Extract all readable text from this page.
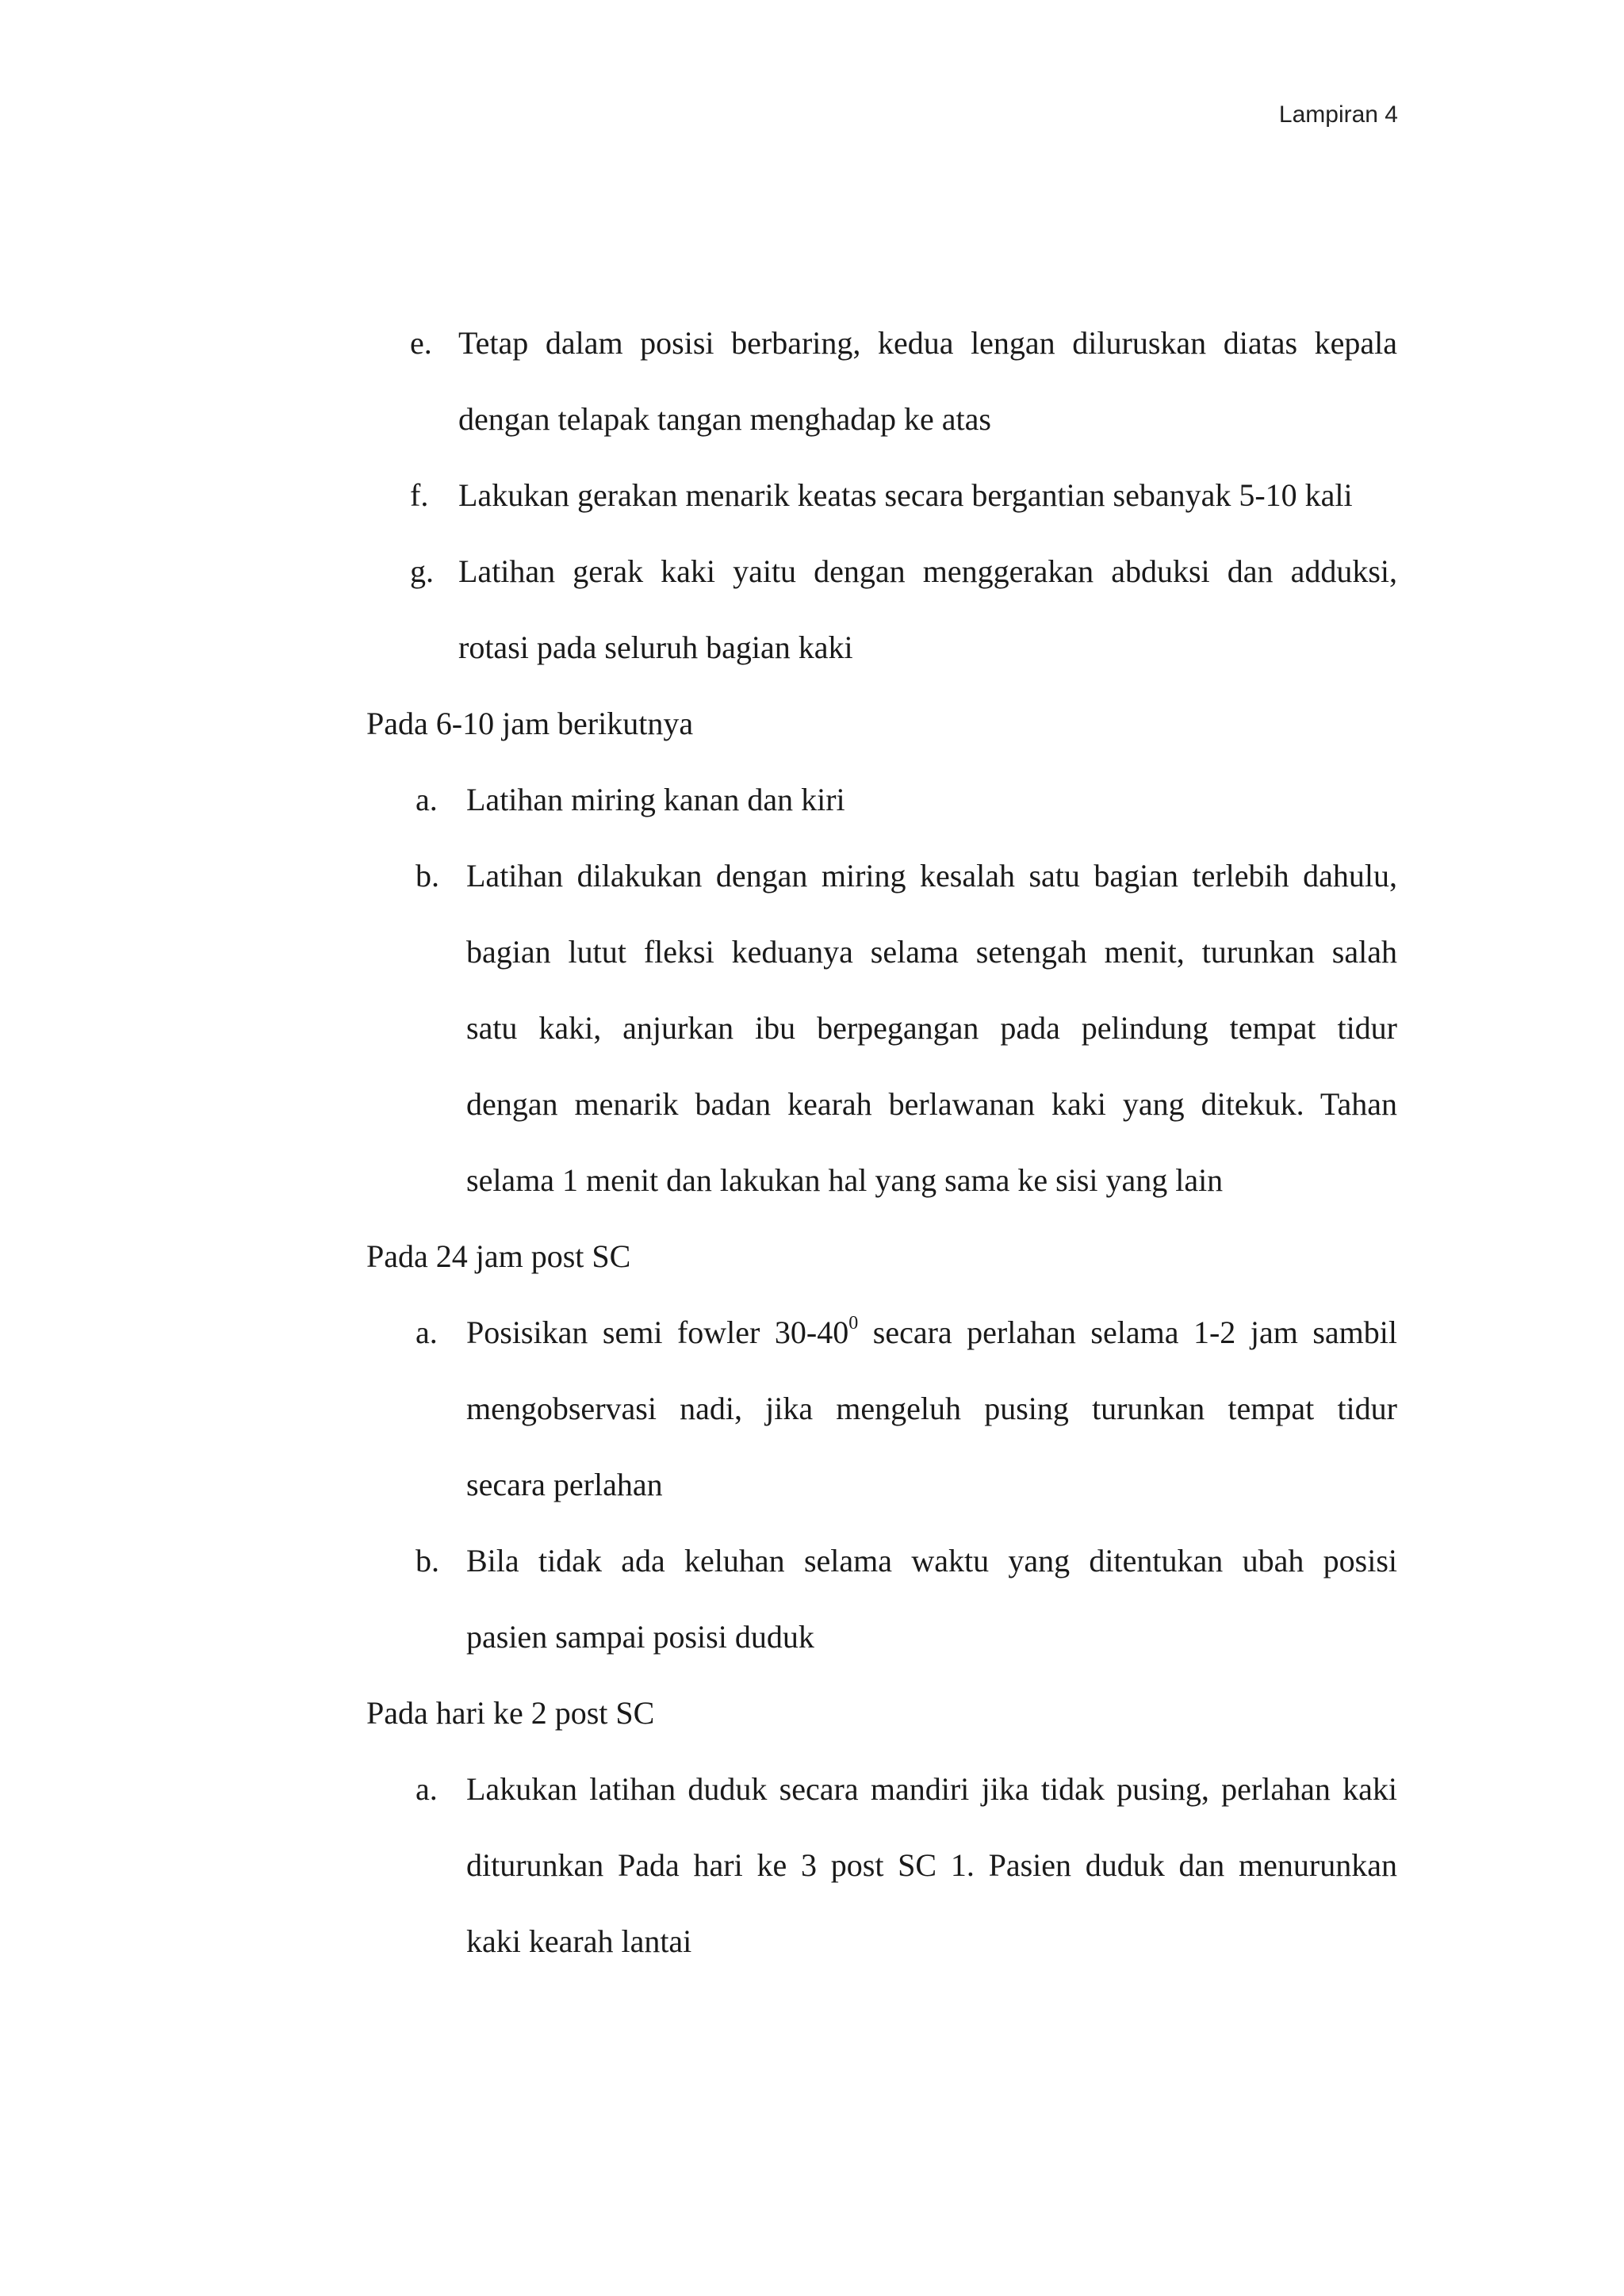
Lampiran 4
e. Tetap dalam posisi berbaring, kedua lengan diluruskan diatas kepala
dengan telapak tangan menghadap ke atas
f. Lakukan gerakan menarik keatas secara bergantian sebanyak 5-10 kali
g. Latihan gerak kaki yaitu dengan menggerakan abduksi dan adduksi,
rotasi pada seluruh bagian kaki
Pada 6-10 jam berikutnya
a. Latihan miring kanan dan kiri
b. Latihan dilakukan dengan miring kesalah satu bagian terlebih dahulu,
bagian lutut fleksi keduanya selama setengah menit, turunkan salah
satu kaki, anjurkan ibu berpegangan pada pelindung tempat tidur
dengan menarik badan kearah berlawanan kaki yang ditekuk. Tahan
selama 1 menit dan lakukan hal yang sama ke sisi yang lain
Pada 24 jam post SC
a. Posisikan semi fowler $30-40^0$ secara perlahan selama 1-2 jam sambil
mengobservasi nadi, jika mengeluh pusing turunkan tempat tidur
secara perlahan
b. Bila tidak ada keluhan selama waktu yang ditentukan ubah posisi
pasien sampai posisi duduk
Pada hari ke 2 post SC
a. Lakukan latihan duduk secara mandiri jika tidak pusing, perlahan kaki
diturunkan Pada hari ke 3 post SC 1. Pasien duduk dan menurunkan
kaki kearah lantai
